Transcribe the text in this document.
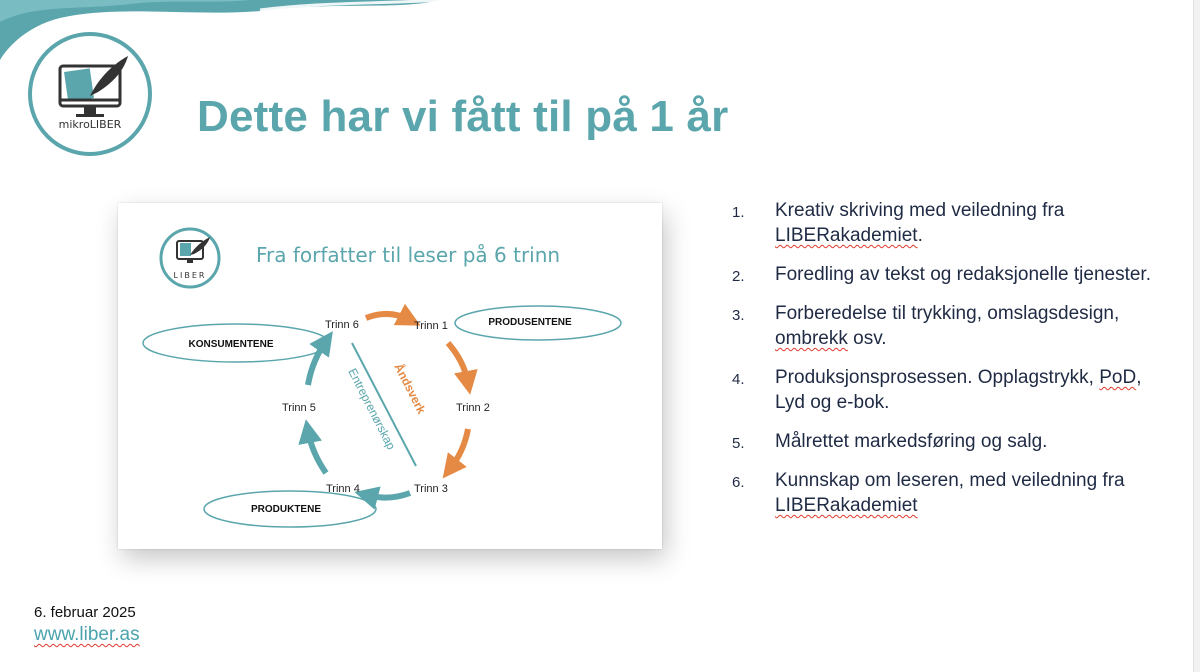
mikroLIBER	Dette har vi fått til på 1 år
LIBER
KONSUMENTENE
PRODUSENTENE
PRODUKTENE
Trinn 6	Trinn 1
Trinn 2
Trinn 3
Trinn 4
Trinn 5	Åndsverk
Entreprenørskap
Fra forfatter til leser på 6 trinn
1. Kreativ skriving med veiledning fra LIBERakademiet.
2. Foredling av tekst og redaksjonelle tjenester.
3. Forberedelse til trykking, omslagsdesign, ombrekk osv.
4. Produksjonsprosessen. Opplagstrykk, PoD, Lyd og e-bok.
5. Målrettet markedsføring og salg.
6. Kunnskap om leseren, med veiledning fra LIBERakademiet
6. februar 2025
www.liber.as
